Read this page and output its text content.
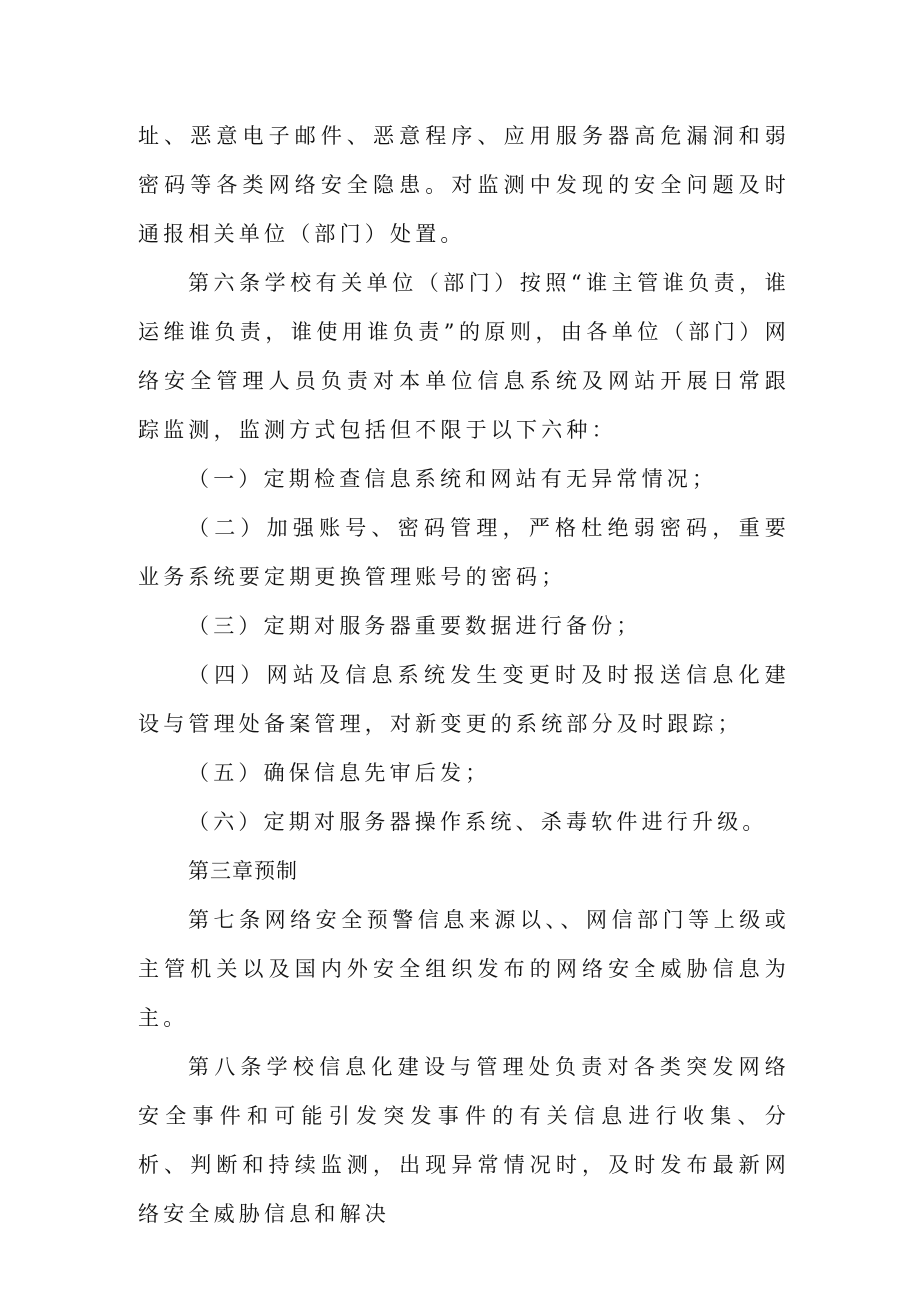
址、恶意电子邮件、恶意程序、应用服务器高危漏洞和弱密码等各类网络安全隐患。对监测中发现的安全问题及时通报相关单位（部门）处置。

第六条学校有关单位（部门）按照“谁主管谁负责，谁运维谁负责，谁使用谁负责”的原则，由各单位（部门）网络安全管理人员负责对本单位信息系统及网站开展日常跟踪监测，监测方式包括但不限于以下六种：

（一）定期检查信息系统和网站有无异常情况；

（二）加强账号、密码管理，严格杜绝弱密码，重要业务系统要定期更换管理账号的密码；

（三）定期对服务器重要数据进行备份；

（四）网站及信息系统发生变更时及时报送信息化建设与管理处备案管理，对新变更的系统部分及时跟踪；

（五）确保信息先审后发；

（六）定期对服务器操作系统、杀毒软件进行升级。

第三章预制

第七条网络安全预警信息来源以、、网信部门等上级或主管机关以及国内外安全组织发布的网络安全威胁信息为主。

第八条学校信息化建设与管理处负责对各类突发网络安全事件和可能引发突发事件的有关信息进行收集、分析、判断和持续监测，出现异常情况时，及时发布最新网络安全威胁信息和解决
